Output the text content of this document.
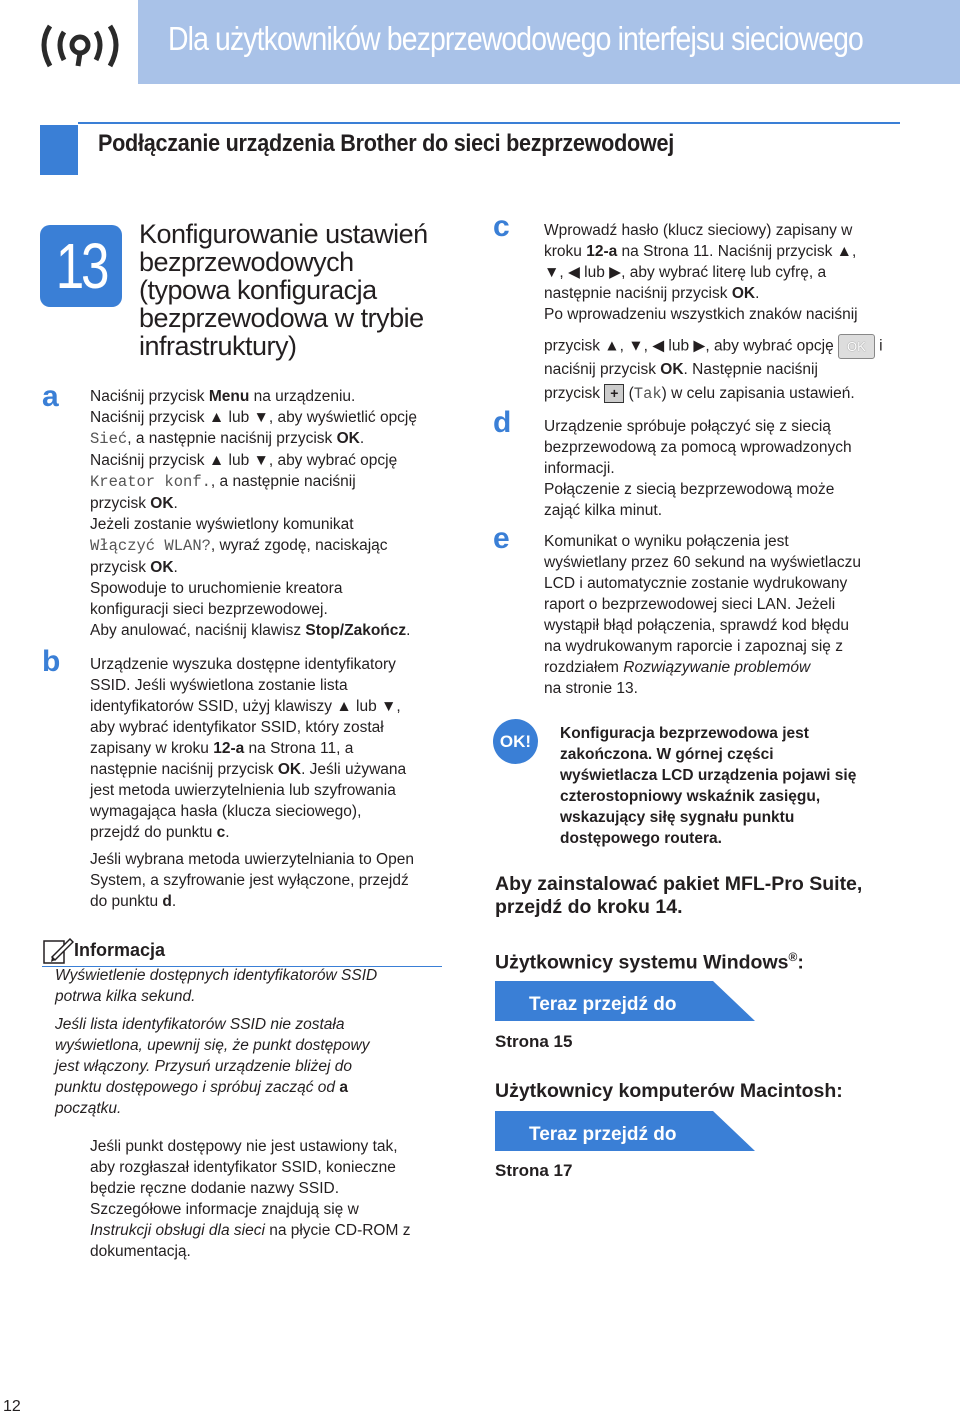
Dla użytkowników bezprzewodowego interfejsu sieciowego
Podłączanie urządzenia Brother do sieci bezprzewodowej
13 Konfigurowanie ustawień
bezprzewodowych
(typowa konfiguracja
bezprzewodowa w trybie
infrastruktury)
a Naciśnij przycisk Menu na urządzeniu.
Naciśnij przycisk ▲ lub ▼, aby wyświetlić opcję
Sieć, a następnie naciśnij przycisk OK.
Naciśnij przycisk ▲ lub ▼, aby wybrać opcję
Kreator konf., a następnie naciśnij
przycisk OK.
Jeżeli zostanie wyświetlony komunikat
Włączyć WLAN?, wyraź zgodę, naciskając
przycisk OK.
Spowoduje to uruchomienie kreatora
konfiguracji sieci bezprzewodowej.
Aby anulować, naciśnij klawisz Stop/Zakończ.
b Urządzenie wyszuka dostępne identyfikatory
SSID. Jeśli wyświetlona zostanie lista
identyfikatorów SSID, użyj klawiszy ▲ lub ▼,
aby wybrać identyfikator SSID, który został
zapisany w kroku 12-a na Strona 11, a
następnie naciśnij przycisk OK. Jeśli używana
jest metoda uwierzytelnienia lub szyfrowania
wymagająca hasła (klucza sieciowego),
przejdź do punktu c.
Jeśli wybrana metoda uwierzytelniania to Open
System, a szyfrowanie jest wyłączone, przejdź
do punktu d.
Informacja
Wyświetlenie dostępnych identyfikatorów SSID
potrwa kilka sekund.
Jeśli lista identyfikatorów SSID nie została
wyświetlona, upewnij się, że punkt dostępowy
jest włączony. Przysuń urządzenie bliżej do
punktu dostępowego i spróbuj zacząć od a
początku.
Jeśli punkt dostępowy nie jest ustawiony tak,
aby rozgłaszał identyfikator SSID, konieczne
będzie ręczne dodanie nazwy SSID.
Szczegółowe informacje znajdują się w
Instrukcji obsługi dla sieci na płycie CD-ROM z
dokumentacją.
c Wprowadź hasło (klucz sieciowy) zapisany w
kroku 12-a na Strona 11. Naciśnij przycisk ▲,
▼, ◀ lub ▶, aby wybrać literę lub cyfrę, a
następnie naciśnij przycisk OK.
Po wprowadzeniu wszystkich znaków naciśnij
przycisk ▲, ▼, ◀ lub ▶, aby wybrać opcję OK i
naciśnij przycisk OK. Następnie naciśnij
przycisk + (Tak) w celu zapisania ustawień.
d Urządzenie spróbuje połączyć się z siecią
bezprzewodową za pomocą wprowadzonych
informacji.
Połączenie z siecią bezprzewodową może
zająć kilka minut.
e Komunikat o wyniku połączenia jest
wyświetlany przez 60 sekund na wyświetlaczu
LCD i automatycznie zostanie wydrukowany
raport o bezprzewodowej sieci LAN. Jeżeli
wystąpił błąd połączenia, sprawdź kod błędu
na wydrukowanym raporcie i zapoznaj się z
rozdziałem Rozwiązywanie problemów
na stronie 13.
OK!	Konfiguracja bezprzewodowa jest
zakończona. W górnej części
wyświetlacza LCD urządzenia pojawi się
czterostopniowy wskaźnik zasięgu,
wskazujący siłę sygnału punktu
dostępowego routera.
Aby zainstalować pakiet MFL-Pro Suite,
przejdź do kroku 14.
Użytkownicy systemu Windows®:
Teraz przejdź do
Strona 15
Użytkownicy komputerów Macintosh:
Teraz przejdź do
Strona 17
12
